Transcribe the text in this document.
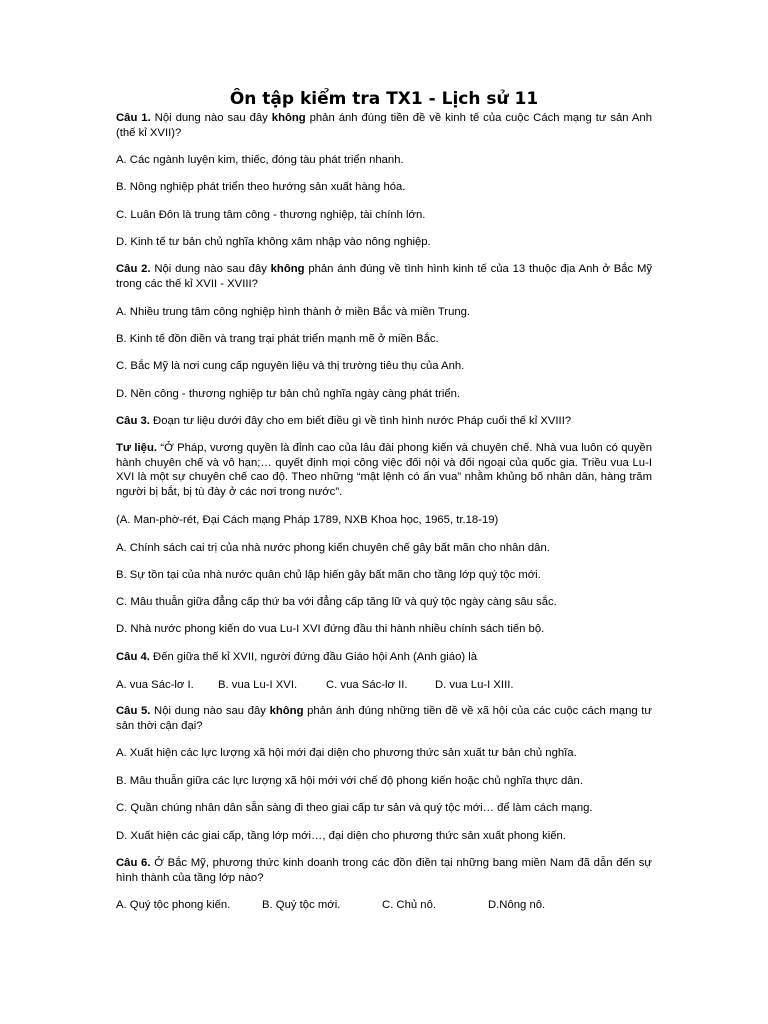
Ôn tập kiểm tra TX1 - Lịch sử 11

Câu 1. Nội dung nào sau đây không phản ánh đúng tiền đề về kinh tế của cuộc Cách mạng tư sản Anh (thế kỉ XVII)?

A. Các ngành luyện kim, thiếc, đóng tàu phát triển nhanh.

B. Nông nghiệp phát triển theo hướng sản xuất hàng hóa.

C. Luân Đôn là trung tâm công - thương nghiệp, tài chính lớn.

D. Kinh tế tư bản chủ nghĩa không xâm nhập vào nông nghiệp.

Câu 2. Nội dung nào sau đây không phản ánh đúng về tình hình kinh tế của 13 thuộc địa Anh ở Bắc Mỹ trong các thế kỉ XVII - XVIII?

A. Nhiều trung tâm công nghiệp hình thành ở miền Bắc và miền Trung.

B. Kinh tế đồn điền và trang trại phát triển mạnh mẽ ở miền Bắc.

C. Bắc Mỹ là nơi cung cấp nguyên liệu và thị trường tiêu thụ của Anh.

D. Nền công - thương nghiệp tư bản chủ nghĩa ngày càng phát triển.

Câu 3. Đoạn tư liệu dưới đây cho em biết điều gì về tình hình nước Pháp cuối thế kỉ XVIII?

Tư liệu. “Ở Pháp, vương quyền là đỉnh cao của lâu đài phong kiến và chuyên chế. Nhà vua luôn có quyền hành chuyên chế và vô hạn;… quyết định mọi công việc đối nội và đối ngoại của quốc gia. Triều vua Lu-I XVI là một sự chuyên chế cao độ. Theo những “mật lệnh có ấn vua” nhằm khủng bố nhân dân, hàng trăm người bị bắt, bị tù đày ở các nơi trong nước”.

(A. Man-phờ-rét, Đại Cách mạng Pháp 1789, NXB Khoa học, 1965, tr.18-19)

A. Chính sách cai trị của nhà nước phong kiến chuyên chế gây bất mãn cho nhân dân.

B. Sự tồn tại của nhà nước quân chủ lập hiến gây bất mãn cho tầng lớp quý tộc mới.

C. Mâu thuẫn giữa đẳng cấp thứ ba với đẳng cấp tăng lữ và quý tộc ngày càng sâu sắc.

D. Nhà nước phong kiến do vua Lu-I XVI đứng đầu thi hành nhiều chính sách tiến bộ.

Câu 4. Đến giữa thế kỉ XVII, người đứng đầu Giáo hội Anh (Anh giáo) là

A. vua Sác-lơ I. B. vua Lu-I XVI.	C. vua Sác-lơ II. D. vua Lu-I XIII.

Câu 5. Nội dung nào sau đây không phản ánh đúng những tiền đề về xã hội của các cuộc cách mạng tư sản thời cận đại?

A. Xuất hiện các lực lượng xã hội mới đại diện cho phương thức sản xuất tư bản chủ nghĩa.

B. Mâu thuẫn giữa các lực lượng xã hội mới với chế độ phong kiến hoặc chủ nghĩa thực dân.

C. Quần chúng nhân dân sẵn sàng đi theo giai cấp tư sản và quý tộc mới… để làm cách mạng.

D. Xuất hiện các giai cấp, tầng lớp mới…, đại diện cho phương thức sản xuất phong kiến.

Câu 6. Ở Bắc Mỹ, phương thức kinh doanh trong các đồn điền tại những bang miền Nam đã dẫn đến sự hình thành của tầng lớp nào?

A. Quý tộc phong kiến.	B. Quý tộc mới.	C. Chủ nô.	D.Nông nô.
